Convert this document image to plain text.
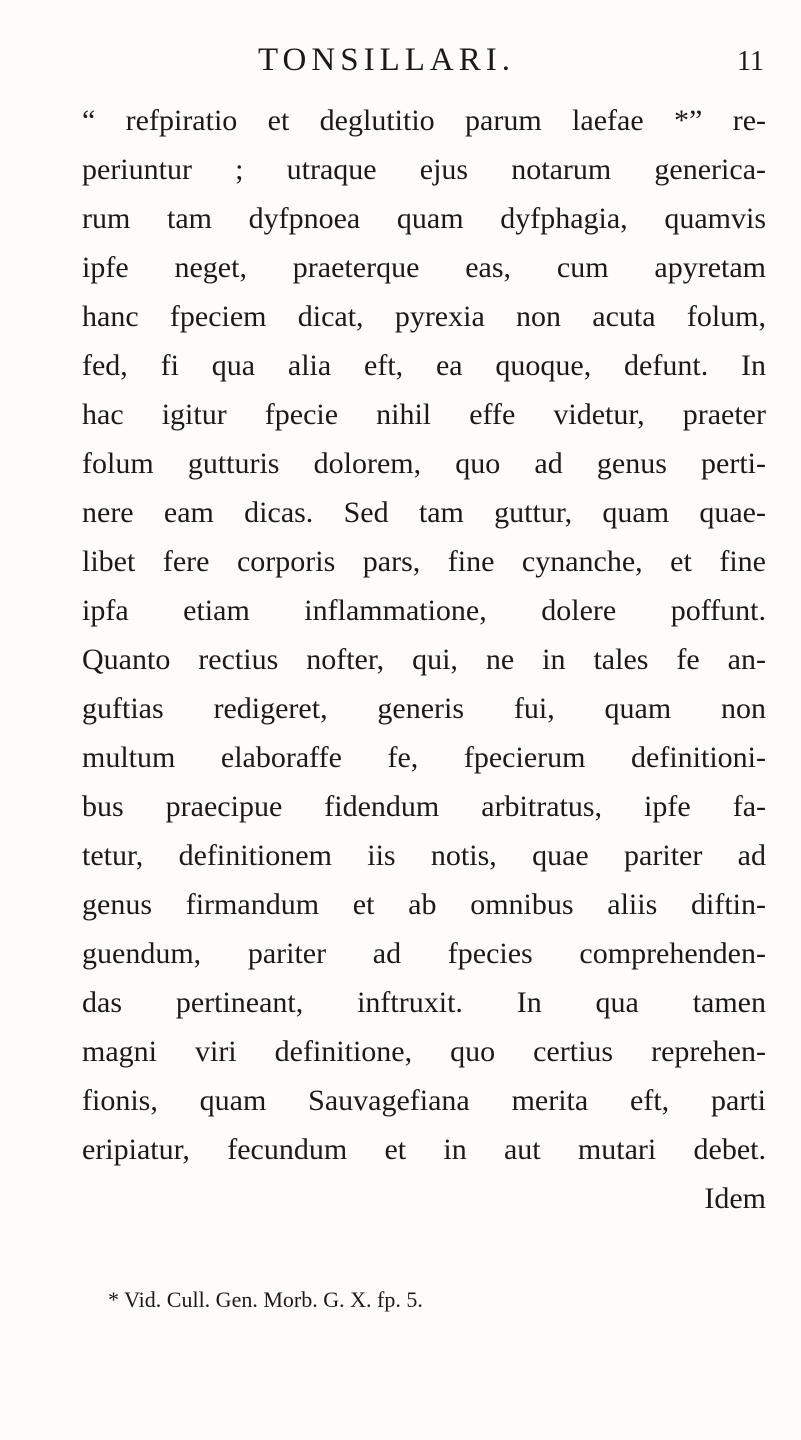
TONSILLARI.	11
“ refpiratio et deglutitio parum laefae *” re-
periuntur ; utraque ejus notarum generica-
rum tam dyfpnoea quam dyfphagia, quamvis
ipfe neget, praeterque eas, cum apyretam
hanc fpeciem dicat, pyrexia non acuta folum,
fed, fi qua alia eft, ea quoque, defunt. In
hac igitur fpecie nihil effe videtur, praeter
folum gutturis dolorem, quo ad genus perti-
nere eam dicas. Sed tam guttur, quam quae-
libet fere corporis pars, fine cynanche, et fine
ipfa etiam inflammatione, dolere poffunt.
Quanto rectius nofter, qui, ne in tales fe an-
guftias redigeret, generis fui, quam non
multum elaboraffe fe, fpecierum definitioni-
bus praecipue fidendum arbitratus, ipfe fa-
tetur, definitionem iis notis, quae pariter ad
genus firmandum et ab omnibus aliis diftin-
guendum, pariter ad fpecies comprehenden-
das pertineant, inftruxit. In qua tamen
magni viri definitione, quo certius reprehen-
fionis, quam Sauvagefiana merita eft, parti
eripiatur, fecundum et in aut mutari debet.
Idem
* Vid. Cull. Gen. Morb. G. X. fp. 5.
